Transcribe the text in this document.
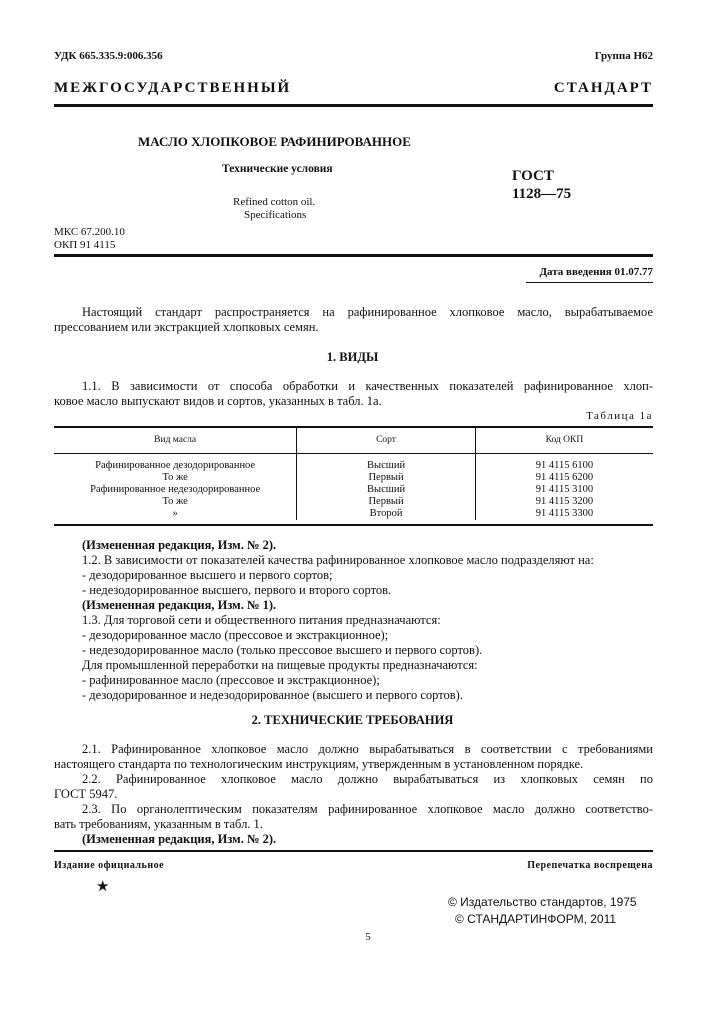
УДК 665.335.9:006.356	Группа Н62
МЕЖГОСУДАРСТВЕННЫЙ СТАНДАРТ
МАСЛО ХЛОПКОВОЕ РАФИНИРОВАННОЕ
Технические условия
Refined cotton oil.
Specifications
ГОСТ
1128—75
МКС 67.200.10
ОКП 91 4115
Дата введения 01.07.77
Настоящий стандарт распространяется на рафинированное хлопковое масло, вырабатываемое
прессованием или экстракцией хлопковых семян.
1. ВИДЫ
1.1. В зависимости от способа обработки и качественных показателей рафинированное хлоп-
ковое масло выпускают видов и сортов, указанных в табл. 1а.
Таблица 1а
Вид масла	Сорт	Код ОКП

Рафинированное дезодорированное	Высший	91 4115 6100
То же	Первый	91 4115 6200
Рафинированное недезодорированное	Высший	91 4115 3100
То же	Первый	91 4115 3200
»	Второй	91 4115 3300
(Измененная редакция, Изм. № 2).
1.2. В зависимости от показателей качества рафинированное хлопковое масло подразделяют на:
- дезодорированное высшего и первого сортов;
- недезодорированное высшего, первого и второго сортов.
(Измененная редакция, Изм. № 1).
1.3. Для торговой сети и общественного питания предназначаются:
- дезодорированное масло (прессовое и экстракционное);
- недезодорированное масло (только прессовое высшего и первого сортов).
Для промышленной переработки на пищевые продукты предназначаются:
- рафинированное масло (прессовое и экстракционное);
- дезодорированное и недезодорированное (высшего и первого сортов).
2. ТЕХНИЧЕСКИЕ ТРЕБОВАНИЯ
2.1. Рафинированное хлопковое масло должно вырабатываться в соответствии с требованиями
настоящего стандарта по технологическим инструкциям, утвержденным в установленном порядке.
2.2. Рафинированное хлопковое масло должно вырабатываться из хлопковых семян по
ГОСТ 5947.
2.3. По органолептическим показателям рафинированное хлопковое масло должно соответство-
вать требованиям, указанным в табл. 1.
(Измененная редакция, Изм. № 2).
Издание официальное	Перепечатка воспрещена
★
© Издательство стандартов, 1975
© СТАНДАРТИНФОРМ, 2011
5
